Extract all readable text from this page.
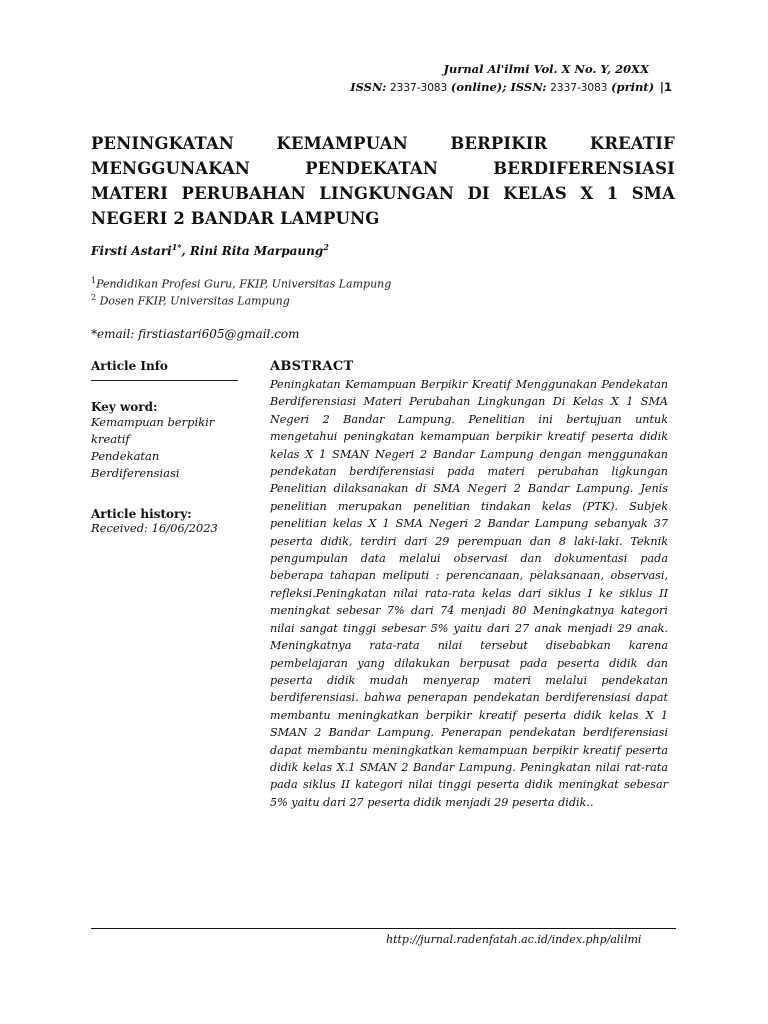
Jurnal Al'ilmi Vol. X No. Y, 20XX
ISSN: 2337-3083 (online); ISSN: 2337-3083 (print) |1
PENINGKATAN KEMAMPUAN BERPIKIR KREATIF
MENGGUNAKAN PENDEKATAN BERDIFERENSIASI
MATERI PERUBAHAN LINGKUNGAN DI KELAS X 1 SMA
NEGERI 2 BANDAR LAMPUNG
Firsti Astari$^{1*}$, Rini Rita Marpaung$^2$
$^1$Pendidikan Profesi Guru, FKIP, Universitas Lampung
$^2$ Dosen FKIP, Universitas Lampung
*email: firstiastari605@gmail.com
Article Info
Key word:
Kemampuan berpikir
kreatif
Pendekatan
Berdiferensiasi
Article history:
Received: 16/06/2023
ABSTRACT
Peningkatan Kemampuan Berpikir Kreatif Menggunakan Pendekatan Berdiferensiasi Materi Perubahan Lingkungan Di Kelas X 1 SMA Negeri 2 Bandar Lampung. Penelitian ini bertujuan untuk mengetahui peningkatan kemampuan berpikir kreatif peserta didik kelas X 1 SMAN Negeri 2 Bandar Lampung dengan menggunakan pendekatan berdiferensiasi pada materi perubahan ligkungan Penelitian dilaksanakan di SMA Negeri 2 Bandar Lampung. Jenis penelitian merupakan penelitian tindakan kelas (PTK). Subjek penelitian kelas X 1 SMA Negeri 2 Bandar Lampung sebanyak 37 peserta didik, terdiri dari 29 perempuan dan 8 laki-laki. Teknik pengumpulan data melalui observasi dan dokumentasi pada beberapa tahapan meliputi : perencanaan, pelaksanaan, observasi, refleksi.Peningkatan nilai rata-rata kelas dari siklus I ke siklus II meningkat sebesar 7% dari 74 menjadi 80 Meningkatnya kategori nilai sangat tinggi sebesar 5% yaitu dari 27 anak menjadi 29 anak. Meningkatnya rata-rata nilai tersebut disebabkan karena pembelajaran yang dilakukan berpusat pada peserta didik dan peserta didik mudah menyerap materi melalui pendekatan berdiferensiasi. bahwa penerapan pendekatan berdiferensiasi dapat membantu meningkatkan berpikir kreatif peserta didik kelas X 1 SMAN 2 Bandar Lampung. Penerapan pendekatan berdiferensiasi dapat membantu meningkatkan kemampuan berpikir kreatif peserta didik kelas X.1 SMAN 2 Bandar Lampung. Peningkatan nilai rat-rata pada siklus II kategori nilai tinggi peserta didik meningkat sebesar 5% yaitu dari 27 peserta didik menjadi 29 peserta didik..
http://jurnal.radenfatah.ac.id/index.php/alilmi
